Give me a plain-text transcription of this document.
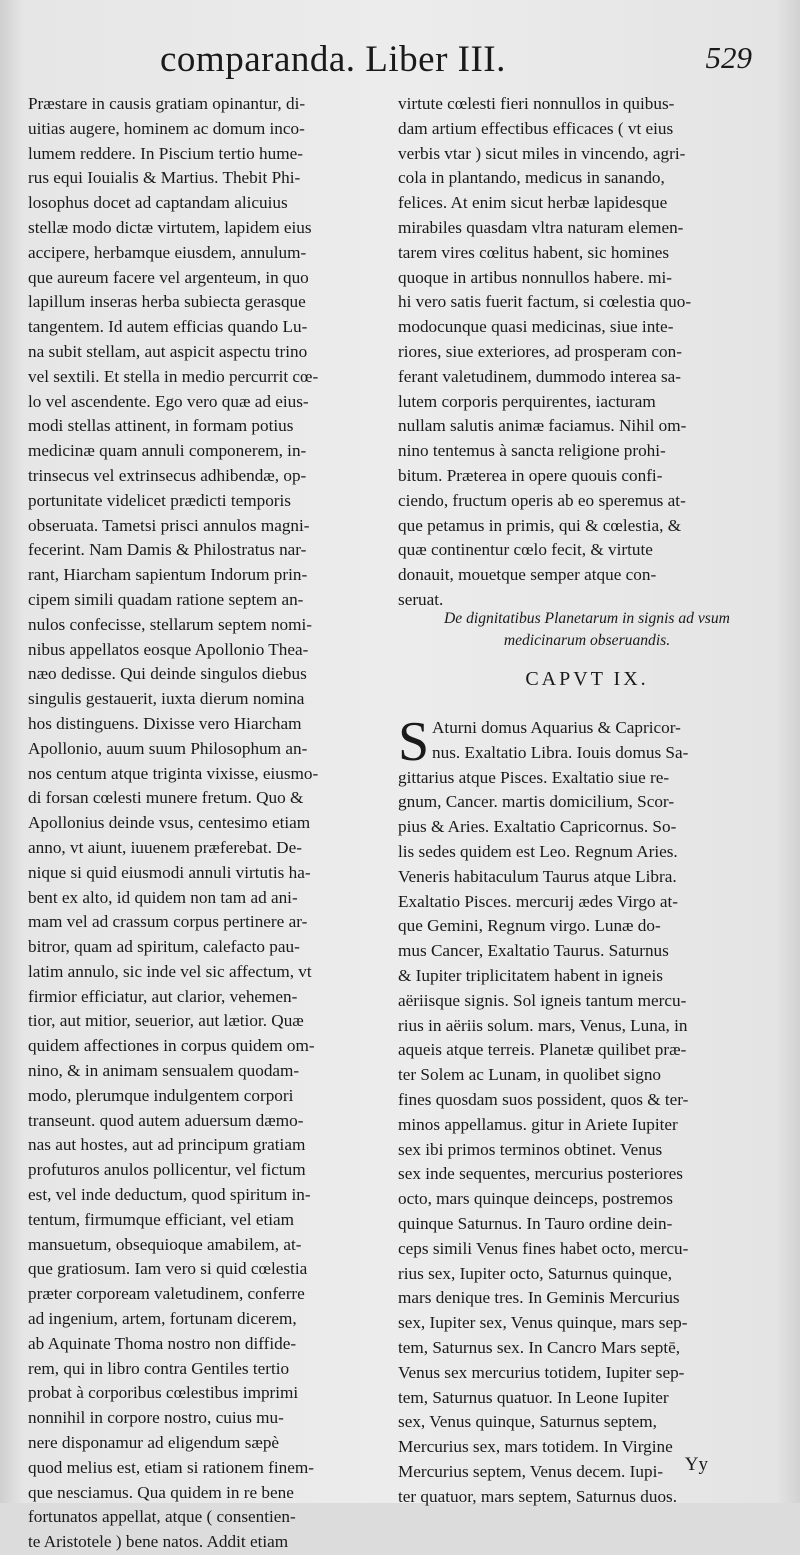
comparanda. Liber III.	529
Præstare in causis gratiam opinantur, di-
uitias augere, hominem ac domum inco-
lumem reddere. In Piscium tertio hume-
rus equi Iouialis & Martius. Thebit Phi-
losophus docet ad captandam alicuius
stellæ modo dictæ virtutem, lapidem eius
accipere, herbamque eiusdem, annulum-
que aureum facere vel argenteum, in quo
lapillum inseras herba subiecta gerasque
tangentem. Id autem efficias quando Lu-
na subit stellam, aut aspicit aspectu trino
vel sextili. Et stella in medio percurrit cœ-
lo vel ascendente. Ego vero quæ ad eius-
modi stellas attinent, in formam potius
medicinæ quam annuli componerem, in-
trinsecus vel extrinsecus adhibendæ, op-
portunitate videlicet prædicti temporis
obseruata. Tametsi prisci annulos magni-
fecerint. Nam Damis & Philostratus nar-
rant, Hiarcham sapientum Indorum prin-
cipem simili quadam ratione septem an-
nulos confecisse, stellarum septem nomi-
nibus appellatos eosque Apollonio Thea-
næo dedisse. Qui deinde singulos diebus
singulis gestauerit, iuxta dierum nomina
hos distinguens. Dixisse vero Hiarcham
Apollonio, auum suum Philosophum an-
nos centum atque triginta vixisse, eiusmo-
di forsan cœlesti munere fretum. Quo &
Apollonius deinde vsus, centesimo etiam
anno, vt aiunt, iuuenem præferebat. De-
nique si quid eiusmodi annuli virtutis ha-
bent ex alto, id quidem non tam ad ani-
mam vel ad crassum corpus pertinere ar-
bitror, quam ad spiritum, calefacto pau-
latim annulo, sic inde vel sic affectum, vt
firmior efficiatur, aut clarior, vehemen-
tior, aut mitior, seuerior, aut lætior. Quæ
quidem affectiones in corpus quidem om-
nino, & in animam sensualem quodam-
modo, plerumque indulgentem corpori
transeunt. quod autem aduersum dæmo-
nas aut hostes, aut ad principum gratiam
profuturos anulos pollicentur, vel fictum
est, vel inde deductum, quod spiritum in-
tentum, firmumque efficiant, vel etiam
mansuetum, obsequioque amabilem, at-
que gratiosum. Iam vero si quid cœlestia
præter corpoream valetudinem, conferre
ad ingenium, artem, fortunam dicerem,
ab Aquinate Thoma nostro non diffide-
rem, qui in libro contra Gentiles tertio
probat à corporibus cœlestibus imprimi
nonnihil in corpore nostro, cuius mu-
nere disponamur ad eligendum sæpè
quod melius est, etiam si rationem finem-
que nesciamus. Qua quidem in re bene
fortunatos appellat, atque ( consentien-
te Aristotele ) bene natos. Addit etiam
virtute cœlesti fieri nonnullos in quibus-
dam artium effectibus efficaces ( vt eius
verbis vtar ) sicut miles in vincendo, agri-
cola in plantando, medicus in sanando,
felices. At enim sicut herbæ lapidesque
mirabiles quasdam vltra naturam elemen-
tarem vires cœlitus habent, sic homines
quoque in artibus nonnullos habere. mi-
hi vero satis fuerit factum, si cœlestia quo-
modocunque quasi medicinas, siue inte-
riores, siue exteriores, ad prosperam con-
ferant valetudinem, dummodo interea sa-
lutem corporis perquirentes, iacturam
nullam salutis animæ faciamus. Nihil om-
nino tentemus à sancta religione prohi-
bitum. Præterea in opere quouis confi-
ciendo, fructum operis ab eo speremus at-
que petamus in primis, qui & cœlestia, &
quæ continentur cœlo fecit, & virtute
donauit, mouetque semper atque con-
seruat.
De dignitatibus Planetarum in signis ad vsum
medicinarum obseruandis.
CAPVT IX.
S Aturni domus Aquarius & Capricor-
nus. Exaltatio Libra. Iouis domus Sa-
gittarius atque Pisces. Exaltatio siue re-
gnum, Cancer. martis domicilium, Scor-
pius & Aries. Exaltatio Capricornus. So-
lis sedes quidem est Leo. Regnum Aries.
Veneris habitaculum Taurus atque Libra.
Exaltatio Pisces. mercurij ædes Virgo at-
que Gemini, Regnum virgo. Lunæ do-
mus Cancer, Exaltatio Taurus. Saturnus
& Iupiter triplicitatem habent in igneis
aëriisque signis. Sol igneis tantum mercu-
rius in aëriis solum. mars, Venus, Luna, in
aqueis atque terreis. Planetæ quilibet præ-
ter Solem ac Lunam, in quolibet signo
fines quosdam suos possident, quos & ter-
minos appellamus. gitur in Ariete Iupiter
sex ibi primos terminos obtinet. Venus
sex inde sequentes, mercurius posteriores
octo, mars quinque deinceps, postremos
quinque Saturnus. In Tauro ordine dein-
ceps simili Venus fines habet octo, mercu-
rius sex, Iupiter octo, Saturnus quinque,
mars denique tres. In Geminis Mercurius
sex, Iupiter sex, Venus quinque, mars sep-
tem, Saturnus sex. In Cancro Mars septē,
Venus sex mercurius totidem, Iupiter sep-
tem, Saturnus quatuor. In Leone Iupiter
sex, Venus quinque, Saturnus septem,
Mercurius sex, mars totidem. In Virgine
Mercurius septem, Venus decem. Iupi-
ter quatuor, mars septem, Saturnus duos.
Yy
